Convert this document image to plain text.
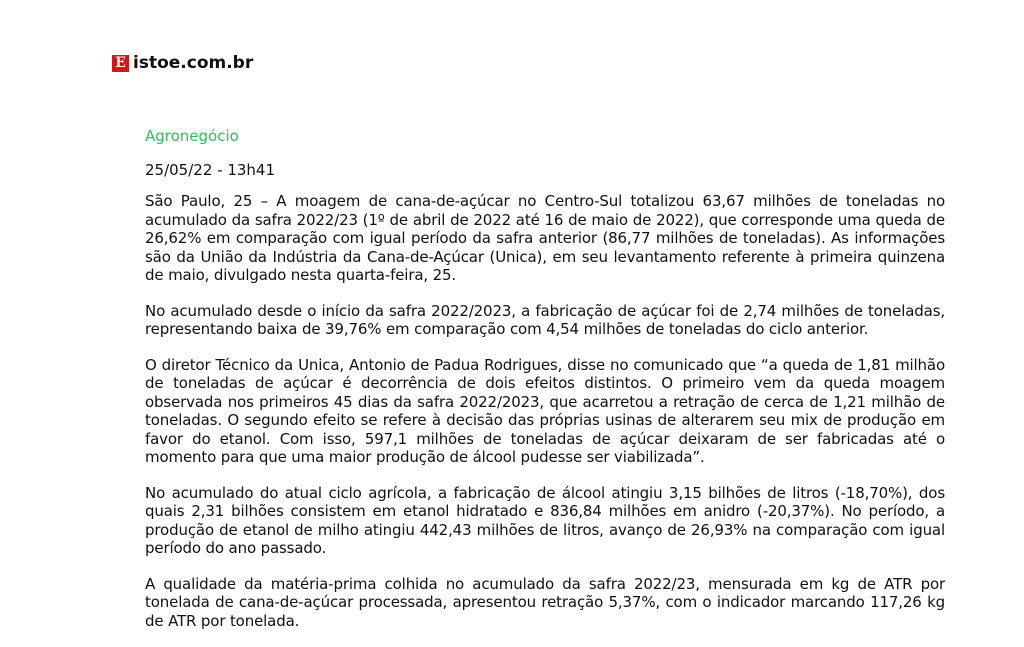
E istoe.com.br
Agronegócio
25/05/22 - 13h41

São Paulo, 25 – A moagem de cana-de-açúcar no Centro-Sul totalizou 63,67 milhões de toneladas no acumulado da safra 2022/23 (1º de abril de 2022 até 16 de maio de 2022), que corresponde uma queda de 26,62% em comparação com igual período da safra anterior (86,77 milhões de toneladas). As informações são da União da Indústria da Cana-de-Açúcar (Unica), em seu levantamento referente à primeira quinzena de maio, divulgado nesta quarta-feira, 25.

No acumulado desde o início da safra 2022/2023, a fabricação de açúcar foi de 2,74 milhões de toneladas, representando baixa de 39,76% em comparação com 4,54 milhões de toneladas do ciclo anterior.

O diretor Técnico da Unica, Antonio de Padua Rodrigues, disse no comunicado que “a queda de 1,81 milhão de toneladas de açúcar é decorrência de dois efeitos distintos. O primeiro vem da queda moagem observada nos primeiros 45 dias da safra 2022/2023, que acarretou a retração de cerca de 1,21 milhão de toneladas. O segundo efeito se refere à decisão das próprias usinas de alterarem seu mix de produção em favor do etanol. Com isso, 597,1 milhões de toneladas de açúcar deixaram de ser fabricadas até o momento para que uma maior produção de álcool pudesse ser viabilizada”.

No acumulado do atual ciclo agrícola, a fabricação de álcool atingiu 3,15 bilhões de litros (-18,70%), dos quais 2,31 bilhões consistem em etanol hidratado e 836,84 milhões em anidro (-20,37%). No período, a produção de etanol de milho atingiu 442,43 milhões de litros, avanço de 26,93% na comparação com igual período do ano passado.

A qualidade da matéria-prima colhida no acumulado da safra 2022/23, mensurada em kg de ATR por tonelada de cana-de-açúcar processada, apresentou retração 5,37%, com o indicador marcando 117,26 kg de ATR por tonelada.
